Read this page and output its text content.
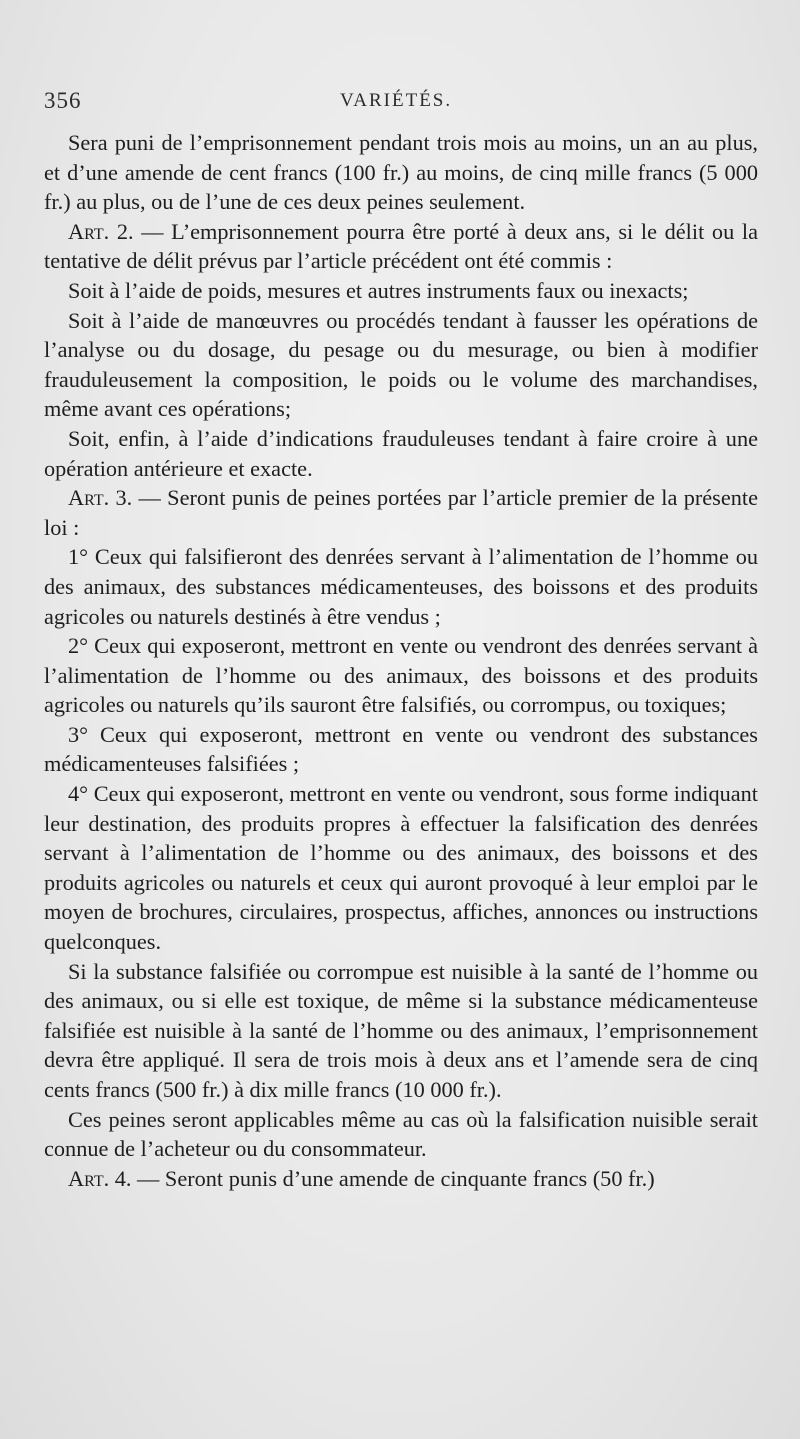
356	VARIÉTÉS.

Sera puni de l’emprisonnement pendant trois mois au moins, un an au plus, et d’une amende de cent francs (100 fr.) au moins, de cinq mille francs (5 000 fr.) au plus, ou de l’une de ces deux peines seulement.

Art. 2. — L’emprisonnement pourra être porté à deux ans, si le délit ou la tentative de délit prévus par l’article précédent ont été commis :

Soit à l’aide de poids, mesures et autres instruments faux ou inexacts;

Soit à l’aide de manœuvres ou procédés tendant à fausser les opérations de l’analyse ou du dosage, du pesage ou du mesurage, ou bien à modifier frauduleusement la composition, le poids ou le volume des marchandises, même avant ces opérations;

Soit, enfin, à l’aide d’indications frauduleuses tendant à faire croire à une opération antérieure et exacte.

Art. 3. — Seront punis de peines portées par l’article premier de la présente loi :

1° Ceux qui falsifieront des denrées servant à l’alimentation de l’homme ou des animaux, des substances médicamenteuses, des boissons et des produits agricoles ou naturels destinés à être vendus ;

2° Ceux qui exposeront, mettront en vente ou vendront des denrées servant à l’alimentation de l’homme ou des animaux, des boissons et des produits agricoles ou naturels qu’ils sauront être falsifiés, ou corrompus, ou toxiques;

3° Ceux qui exposeront, mettront en vente ou vendront des substances médicamenteuses falsifiées ;

4° Ceux qui exposeront, mettront en vente ou vendront, sous forme indiquant leur destination, des produits propres à effectuer la falsification des denrées servant à l’alimentation de l’homme ou des animaux, des boissons et des produits agricoles ou naturels et ceux qui auront provoqué à leur emploi par le moyen de brochures, circulaires, prospectus, affiches, annonces ou instructions quelconques.

Si la substance falsifiée ou corrompue est nuisible à la santé de l’homme ou des animaux, ou si elle est toxique, de même si la substance médicamenteuse falsifiée est nuisible à la santé de l’homme ou des animaux, l’emprisonnement devra être appliqué. Il sera de trois mois à deux ans et l’amende sera de cinq cents francs (500 fr.) à dix mille francs (10 000 fr.).

Ces peines seront applicables même au cas où la falsification nuisible serait connue de l’acheteur ou du consommateur.

Art. 4. — Seront punis d’une amende de cinquante francs (50 fr.)
